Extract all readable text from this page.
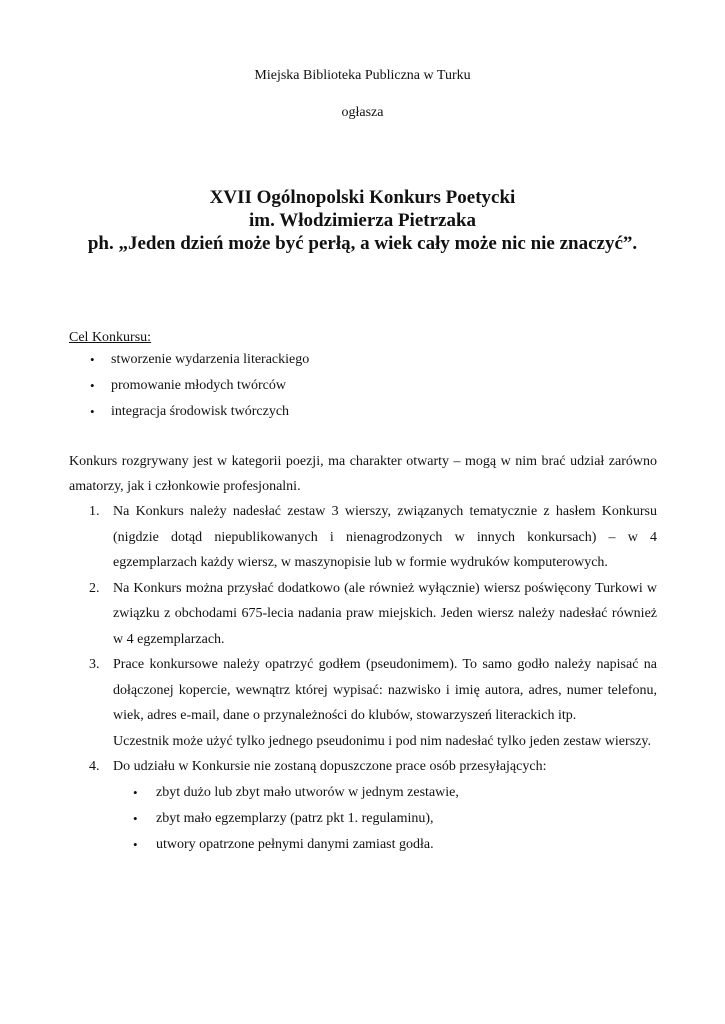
Miejska Biblioteka Publiczna w Turku
ogłasza
XVII Ogólnopolski Konkurs Poetycki
im. Włodzimierza Pietrzaka
ph. „Jeden dzień może być perłą, a wiek cały może nic nie znaczyć”.
Cel Konkursu:
• stworzenie wydarzenia literackiego
• promowanie młodych twórców
• integracja środowisk twórczych
Konkurs rozgrywany jest w kategorii poezji, ma charakter otwarty – mogą w nim brać udział zarówno amatorzy, jak i członkowie profesjonalni.
1. Na Konkurs należy nadesłać zestaw 3 wierszy, związanych tematycznie z hasłem Konkursu (nigdzie dotąd niepublikowanych i nienagrodzonych w innych konkursach) – w 4 egzemplarzach każdy wiersz, w maszynopisie lub w formie wydruków komputerowych.

2. Na Konkurs można przysłać dodatkowo (ale również wyłącznie) wiersz poświęcony Turkowi w związku z obchodami 675-lecia nadania praw miejskich. Jeden wiersz należy nadesłać również w 4 egzemplarzach.

3. Prace konkursowe należy opatrzyć godłem (pseudonimem). To samo godło należy napisać na dołączonej kopercie, wewnątrz której wypisać: nazwisko i imię autora, adres, numer telefonu, wiek, adres e-mail, dane o przynależności do klubów, stowarzyszeń literackich itp.

Uczestnik może użyć tylko jednego pseudonimu i pod nim nadesłać tylko jeden zestaw wierszy.

4. Do udziału w Konkursie nie zostaną dopuszczone prace osób przesyłających:

• zbyt dużo lub zbyt mało utworów w jednym zestawie,
• zbyt mało egzemplarzy (patrz pkt 1. regulaminu),
• utwory opatrzone pełnymi danymi zamiast godła.
